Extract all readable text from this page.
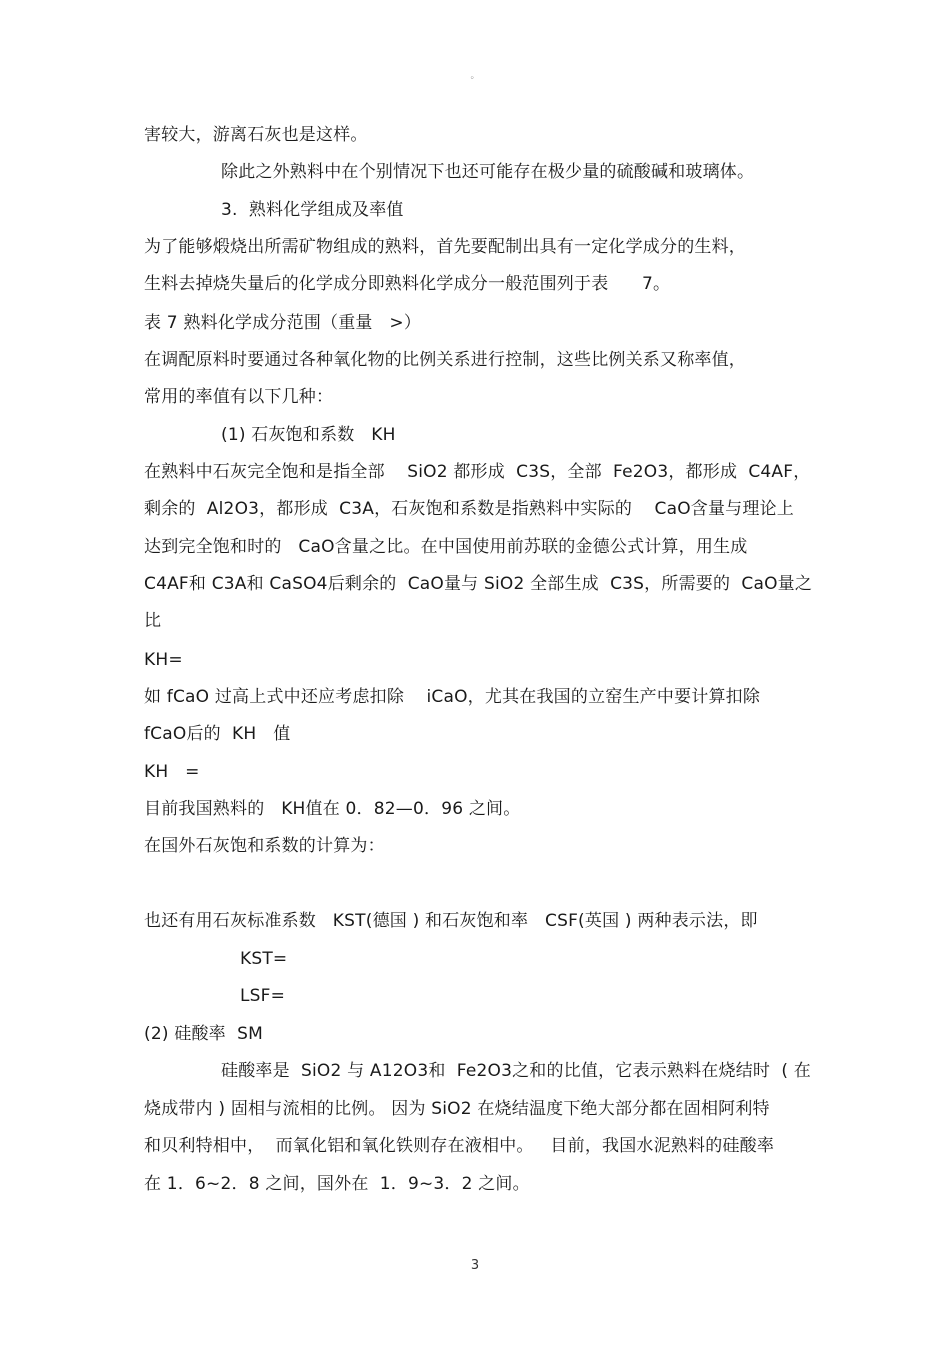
。
害较大，游离石灰也是这样。
除此之外熟料中在个别情况下也还可能存在极少量的硫酸碱和玻璃体。
3.  熟料化学组成及率值
为了能够煅烧出所需矿物组成的熟料，首先要配制出具有一定化学成分的生料，
生料去掉烧失量后的化学成分即熟料化学成分一般范围列于表      7。
表 7 熟料化学成分范围（重量   >）
在调配原料时要通过各种氧化物的比例关系进行控制，这些比例关系又称率值，
常用的率值有以下几种：
(1) 石灰饱和系数   KH
在熟料中石灰完全饱和是指全部    SiO2 都形成  C3S，全部  Fe2O3，都形成  C4AF，
剩余的  Al2O3，都形成  C3A，石灰饱和系数是指熟料中实际的    CaO含量与理论上
达到完全饱和时的   CaO含量之比。在中国使用前苏联的金德公式计算，用生成
C4AF和 C3A和 CaSO4后剩余的  CaO量与 SiO2 全部生成  C3S，所需要的  CaO量之
比
KH=
如 fCaO 过高上式中还应考虑扣除    iCaO，尤其在我国的立窑生产中要计算扣除
fCaO后的  KH   值
KH   =
目前我国熟料的   KH值在 0．82—0．96 之间。
在国外石灰饱和系数的计算为：
也还有用石灰标准系数   KST(德国 ) 和石灰饱和率   CSF(英国 ) 两种表示法，即
KST=
LSF=
(2) 硅酸率  SM
硅酸率是  SiO2 与 A12O3和  Fe2O3之和的比值，它表示熟料在烧结时  ( 在
烧成带内 ) 固相与流相的比例。 因为 SiO2 在烧结温度下绝大部分都在固相阿利特
和贝利特相中，  而氧化铝和氧化铁则存在液相中。   目前，我国水泥熟料的硅酸率
在 1．6~2．8 之间，国外在  1．9~3．2 之间。
3
